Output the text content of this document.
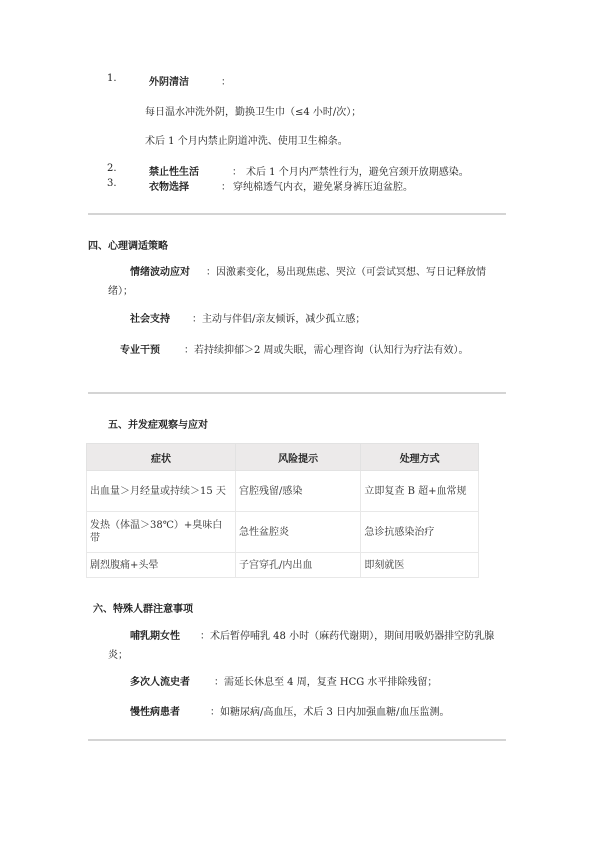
1.	外阴清洁	：
每日温水冲洗外阴，勤换卫生巾（≤4 小时/次）；
术后 1 个月内禁止阴道冲洗、使用卫生棉条。
2.	禁止性生活	： 术后 1 个月内严禁性行为，避免宫颈开放期感染。
3.	衣物选择	： 穿纯棉透气内衣，避免紧身裤压迫盆腔。
四、心理调适策略
情绪波动应对 ：因激素变化，易出现焦虑、哭泣（可尝试冥想、写日记释放情绪）；
社会支持 ：主动与伴侣/亲友倾诉，减少孤立感；
专业干预 ：若持续抑郁＞2 周或失眠，需心理咨询（认知行为疗法有效）。
五、并发症观察与应对
症状	风险提示	处理方式
出血量＞月经量或持续＞15 天	宫腔残留/感染	立即复查 B 超+血常规
发热（体温＞38℃）+臭味白带	急性盆腔炎	急诊抗感染治疗
剧烈腹痛+头晕	子宫穿孔/内出血	即刻就医
六、特殊人群注意事项
哺乳期女性 ：术后暂停哺乳 48 小时（麻药代谢期），期间用吸奶器排空防乳腺炎；
多次人流史者 ：需延长休息至 4 周，复查 HCG 水平排除残留；
慢性病患者	：如糖尿病/高血压，术后 3 日内加强血糖/血压监测。
